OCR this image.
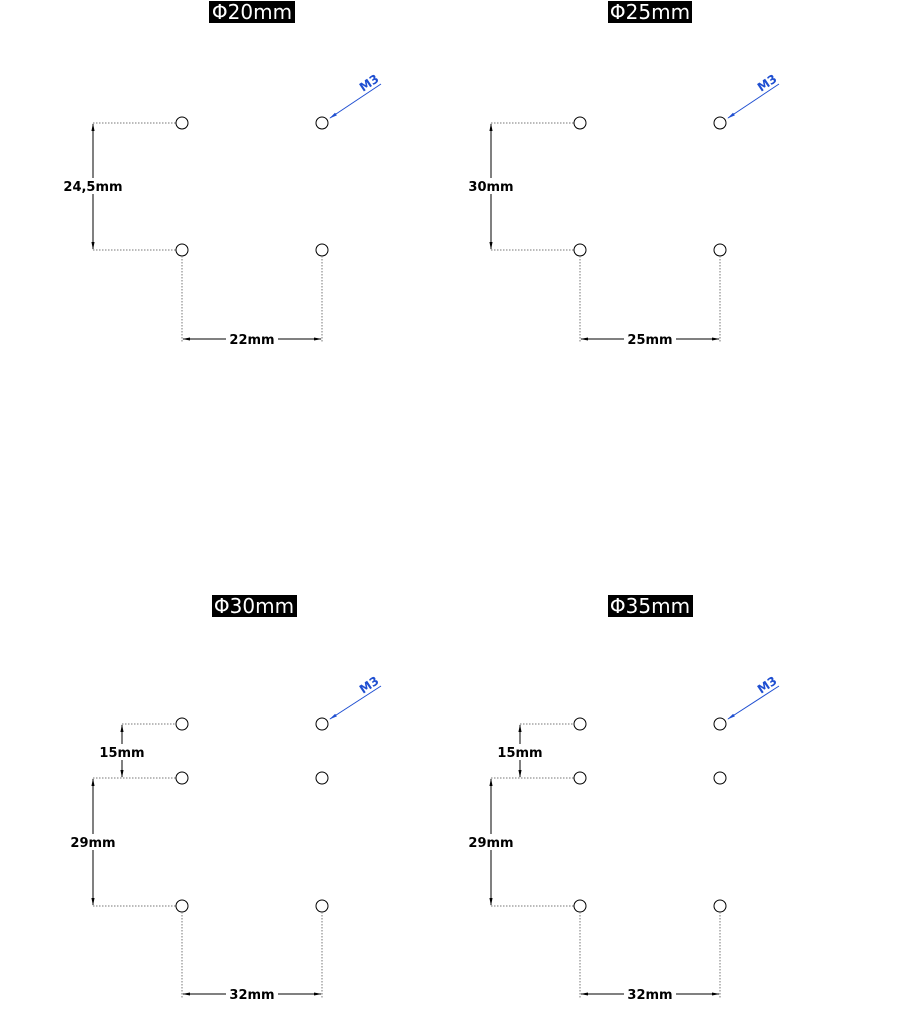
Φ20mm
24,5mm
22mm
M3
Φ25mm
30mm
25mm
M3
Φ30mm
15mm
29mm
32mm
M3
Φ35mm
15mm
29mm
32mm
M3
